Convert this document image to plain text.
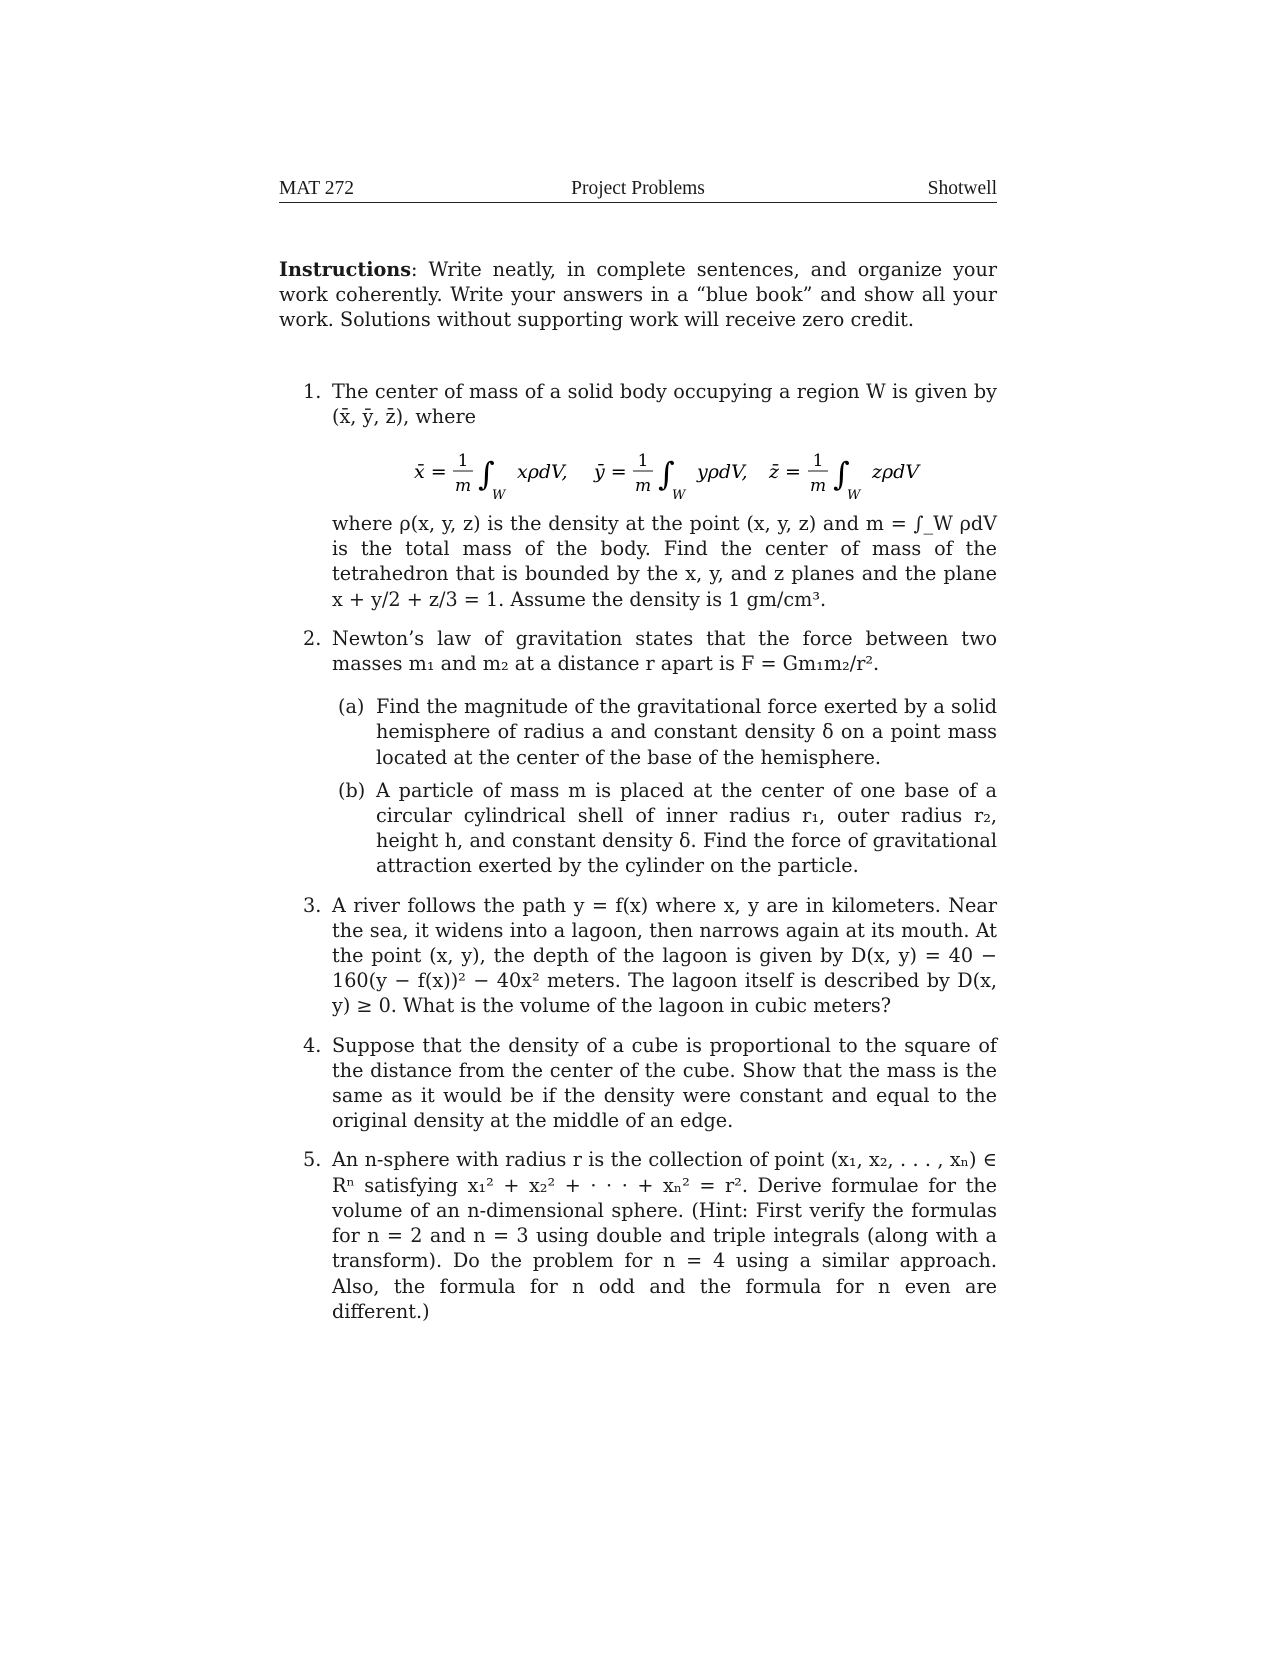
MAT 272	Project Problems	Shotwell
Instructions: Write neatly, in complete sentences, and organize your work coherently. Write your answers in a “blue book” and show all your work. Solutions without supporting work will receive zero credit.
1. The center of mass of a solid body occupying a region W is given by (x̄, ȳ, z̄), where
x̄ = 1
m ∫
W
xρdV, ȳ = 1
m ∫
W
yρdV, z̄ = 1
m ∫
W
zρdV
where ρ(x, y, z) is the density at the point (x, y, z) and m = ∫_W ρdV is the total mass of the body. Find the center of mass of the tetrahedron that is bounded by the x, y, and z planes and the plane x + y/2 + z/3 = 1. Assume the density is 1 gm/cm³.
2. Newton’s law of gravitation states that the force between two masses m₁ and m₂ at a distance r apart is F = Gm₁m₂/r².
(a) Find the magnitude of the gravitational force exerted by a solid hemisphere of radius a and constant density δ on a point mass located at the center of the base of the hemisphere.
(b) A particle of mass m is placed at the center of one base of a circular cylindrical shell of inner radius r₁, outer radius r₂, height h, and constant density δ. Find the force of gravitational attraction exerted by the cylinder on the particle.
3. A river follows the path y = f(x) where x, y are in kilometers. Near the sea, it widens into a lagoon, then narrows again at its mouth. At the point (x, y), the depth of the lagoon is given by D(x, y) = 40 − 160(y − f(x))² − 40x² meters. The lagoon itself is described by D(x, y) ≥ 0. What is the volume of the lagoon in cubic meters?
4. Suppose that the density of a cube is proportional to the square of the distance from the center of the cube. Show that the mass is the same as it would be if the density were constant and equal to the original density at the middle of an edge.
5. An n-sphere with radius r is the collection of point (x₁, x₂, . . . , xₙ) ∈ Rⁿ satisfying x₁² + x₂² + · · · + xₙ² = r². Derive formulae for the volume of an n-dimensional sphere. (Hint: First verify the formulas for n = 2 and n = 3 using double and triple integrals (along with a transform). Do the problem for n = 4 using a similar approach. Also, the formula for n odd and the formula for n even are different.)
